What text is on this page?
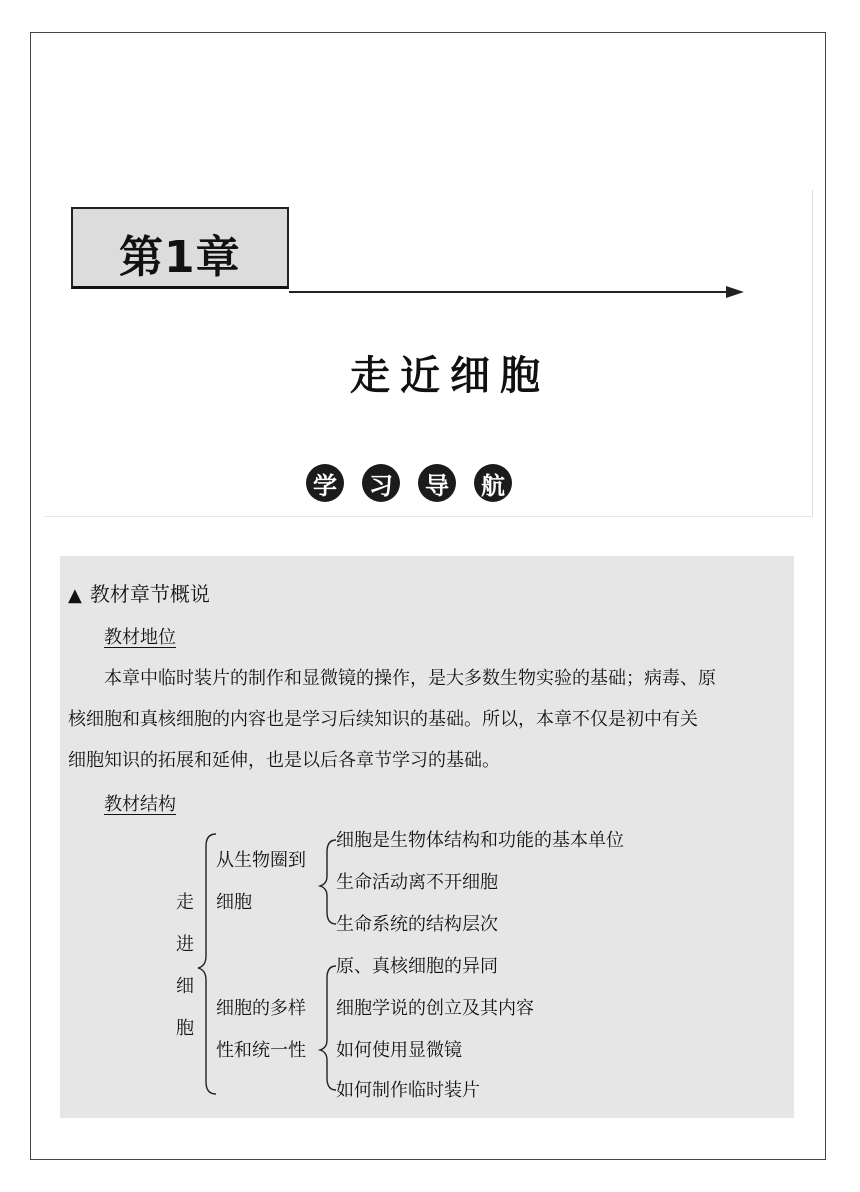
第1章
走近细胞
学 习 导 航
▲ 教材章节概说
教材地位
本章中临时装片的制作和显微镜的操作，是大多数生物实验的基础；病毒、原
核细胞和真核细胞的内容也是学习后续知识的基础。所以，本章不仅是初中有关
细胞知识的拓展和延伸，也是以后各章节学习的基础。
教材结构
走
进
细
胞
从生物圈到
细胞
细胞是生物体结构和功能的基本单位
生命活动离不开细胞
生命系统的结构层次
细胞的多样
性和统一性
原、真核细胞的异同
细胞学说的创立及其内容
如何使用显微镜
如何制作临时装片
